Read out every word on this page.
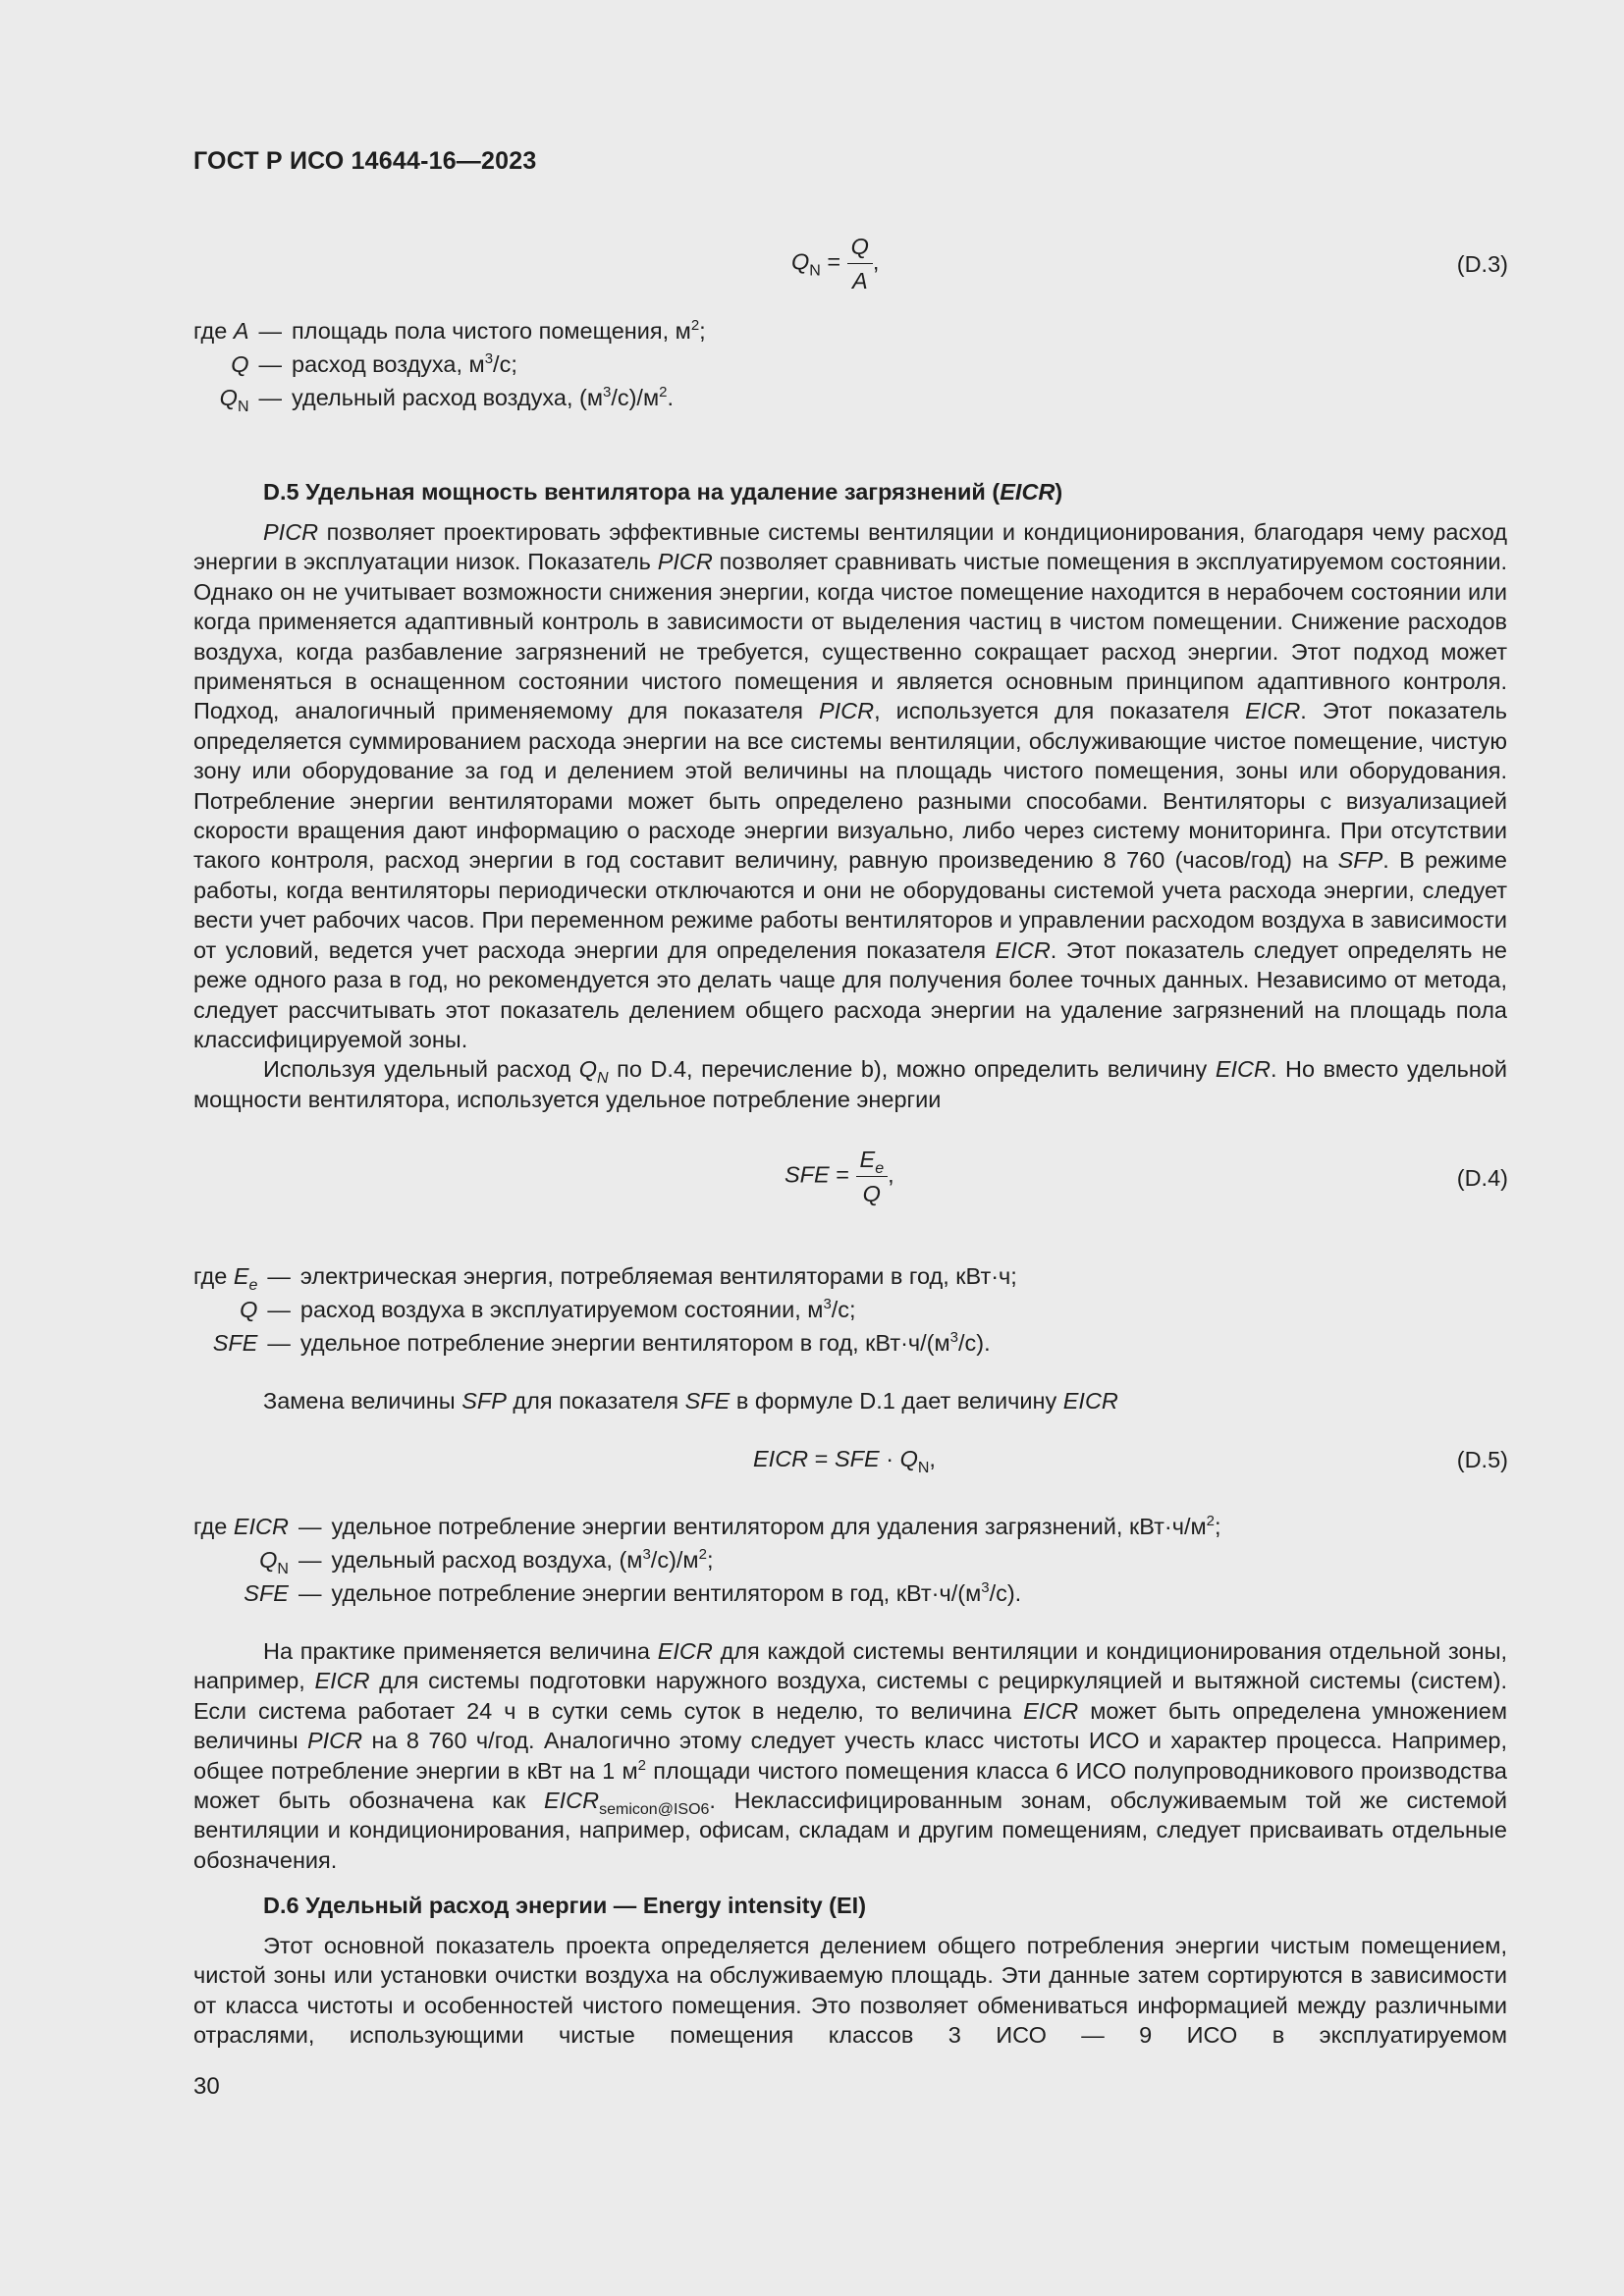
ГОСТ Р ИСО 14644-16—2023
$Q_N = \frac{Q}{A}$ ,	(D.3)
где A	—	площадь пола чистого помещения, $м^2$;
Q	—	расход воздуха, $м^3/с$;
$Q_N$	—	удельный расход воздуха, $(м^3/с)/м^2$.
D.5 Удельная мощность вентилятора на удаление загрязнений (EICR)

PICR позволяет проектировать эффективные системы вентиляции и кондиционирования, благодаря чему расход энергии в эксплуатации низок. Показатель PICR позволяет сравнивать чистые помещения в эксплуатируемом состоянии. Однако он не учитывает возможности снижения энергии, когда чистое помещение находится в нерабочем состоянии или когда применяется адаптивный контроль в зависимости от выделения частиц в чистом помещении. Снижение расходов воздуха, когда разбавление загрязнений не требуется, существенно сокращает расход энергии. Этот подход может применяться в оснащенном состоянии чистого помещения и является основным принципом адаптивного контроля. Подход, аналогичный применяемому для показателя PICR, используется для показателя EICR. Этот показатель определяется суммированием расхода энергии на все системы вентиляции, обслуживающие чистое помещение, чистую зону или оборудование за год и делением этой величины на площадь чистого помещения, зоны или оборудования. Потребление энергии вентиляторами может быть определено разными способами. Вентиляторы с визуализацией скорости вращения дают информацию о расходе энергии визуально, либо через систему мониторинга. При отсутствии такого контроля, расход энергии в год составит величину, равную произведению 8 760 (часов/год) на SFP. В режиме работы, когда вентиляторы периодически отключаются и они не оборудованы системой учета расхода энергии, следует вести учет рабочих часов. При переменном режиме работы вентиляторов и управлении расходом воздуха в зависимости от условий, ведется учет расхода энергии для определения показателя EICR. Этот показатель следует определять не реже одного раза в год, но рекомендуется это делать чаще для получения более точных данных. Независимо от метода, следует рассчитывать этот показатель делением общего расхода энергии на удаление загрязнений на площадь пола классифицируемой зоны.

Используя удельный расход $Q_N$ по D.4, перечисление b), можно определить величину EICR. Но вместо удельной мощности вентилятора, используется удельное потребление энергии

SFE = $\frac{E_e}{Q}$ ,	(D.4)
где $E_e$	—	электрическая энергия, потребляемая вентиляторами в год, кВт·ч;
Q	—	расход воздуха в эксплуатируемом состоянии, $м^3/с$;
SFE	—	удельное потребление энергии вентилятором в год, $кВт\cdot ч/(м^3/с)$.

Замена величины SFP для показателя SFE в формуле D.1 дает величину EICR

EICR = SFE · $Q_N$,	(D.5)
где EICR	—	удельное потребление энергии вентилятором для удаления загрязнений, $кВт\cdot ч/м^2$;
$Q_N$	—	удельный расход воздуха, $(м^3/с)/м^2$;
SFE	—	удельное потребление энергии вентилятором в год, $кВт\cdot ч/(м^3/с)$.

На практике применяется величина EICR для каждой системы вентиляции и кондиционирования отдельной зоны, например, EICR для системы подготовки наружного воздуха, системы с рециркуляцией и вытяжной системы (систем). Если система работает 24 ч в сутки семь суток в неделю, то величина EICR может быть определена умножением величины PICR на 8 760 ч/год. Аналогично этому следует учесть класс чистоты ИСО и характер процесса. Например, общее потребление энергии в кВт на 1 $м^2$ площади чистого помещения класса 6 ИСО полупроводникового производства может быть обозначена как $EICR_{semicon@ISO6}$. Неклассифицированным зонам, обслуживаемым той же системой вентиляции и кондиционирования, например, офисам, складам и другим помещениям, следует присваивать отдельные обозначения.

D.6 Удельный расход энергии — Energy intensity (EI)

Этот основной показатель проекта определяется делением общего потребления энергии чистым помещением, чистой зоны или установки очистки воздуха на обслуживаемую площадь. Эти данные затем сортируются в зависимости от класса чистоты и особенностей чистого помещения. Это позволяет обмениваться информацией между различными отраслями, использующими чистые помещения классов 3 ИСО — 9 ИСО в эксплуатируемом

30
